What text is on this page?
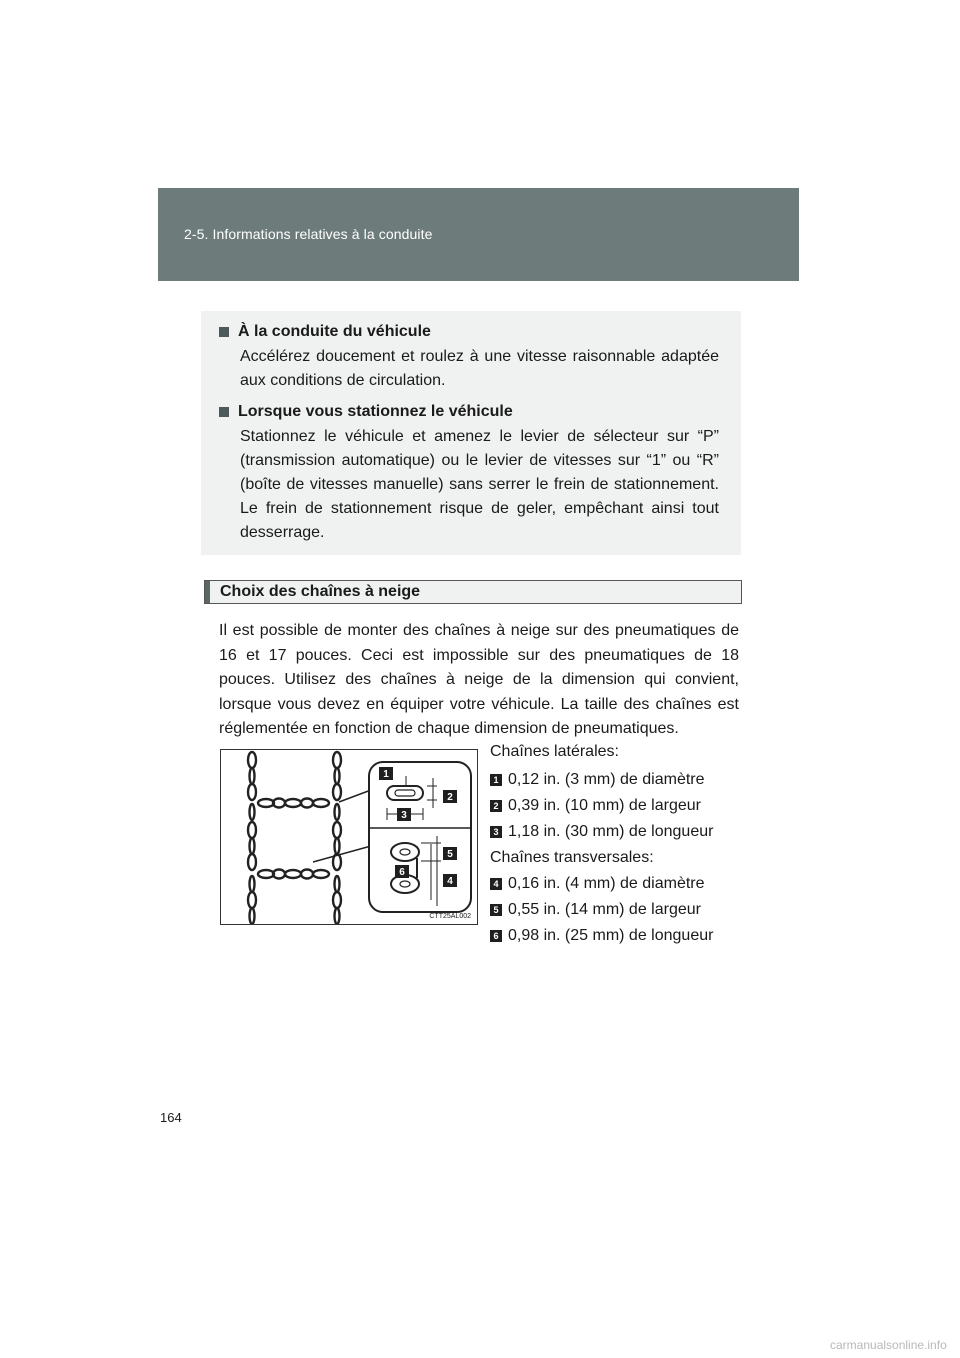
2-5. Informations relatives à la conduite
À la conduite du véhicule
Accélérez doucement et roulez à une vitesse raisonnable adaptée aux conditions de circulation.
Lorsque vous stationnez le véhicule
Stationnez le véhicule et amenez le levier de sélecteur sur “P” (transmission automatique) ou le levier de vitesses sur “1” ou “R” (boîte de vitesses manuelle) sans serrer le frein de stationnement. Le frein de stationnement risque de geler, empêchant ainsi tout desserrage.
Choix des chaînes à neige
Il est possible de monter des chaînes à neige sur des pneumatiques de 16 et 17 pouces. Ceci est impossible sur des pneumatiques de 18 pouces. Utilisez des chaînes à neige de la dimension qui convient, lorsque vous devez en équiper votre véhicule. La taille des chaînes est réglementée en fonction de chaque dimension de pneumatiques.
1
2
3
4
5
6
CTT25AL002
Chaînes latérales:
1 0,12 in. (3 mm) de diamètre
2 0,39 in. (10 mm) de largeur
3 1,18 in. (30 mm) de longueur
Chaînes transversales:
4 0,16 in. (4 mm) de diamètre
5 0,55 in. (14 mm) de largeur
6 0,98 in. (25 mm) de longueur
164
carmanualsonline.info
